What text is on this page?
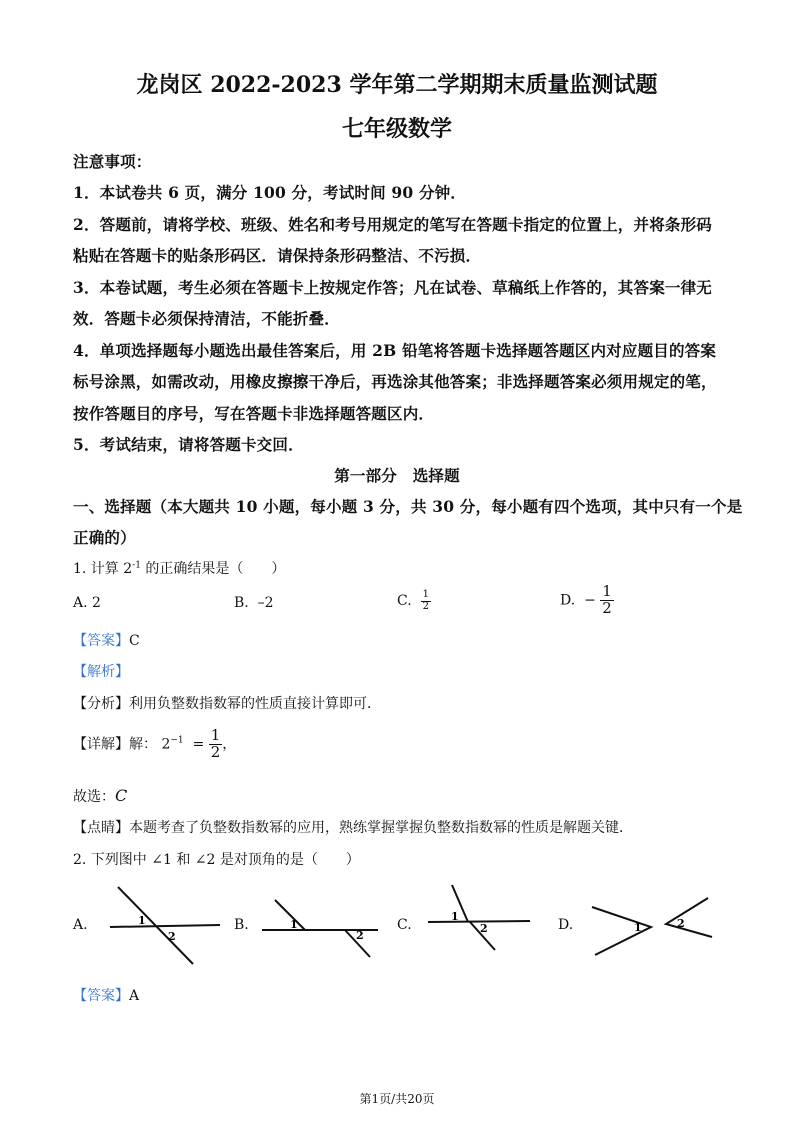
龙岗区 2022-2023 学年第二学期期末质量监测试题
七年级数学
注意事项：
1．本试卷共 6 页，满分 100 分，考试时间 90 分钟．
2．答题前，请将学校、班级、姓名和考号用规定的笔写在答题卡指定的位置上，并将条形码
粘贴在答题卡的贴条形码区．请保持条形码整洁、不污损．
3．本卷试题，考生必须在答题卡上按规定作答；凡在试卷、草稿纸上作答的，其答案一律无
效．答题卡必须保持清洁，不能折叠．
4．单项选择题每小题选出最佳答案后，用 2B 铅笔将答题卡选择题答题区内对应题目的答案
标号涂黑，如需改动，用橡皮擦擦干净后，再选涂其他答案；非选择题答案必须用规定的笔，
按作答题目的序号，写在答题卡非选择题答题区内．
5．考试结束，请将答题卡交回．
第一部分　选择题
一、选择题（本大题共 10 小题，每小题 3 分，共 30 分，每小题有四个选项，其中只有一个是
正确的）
1. 计算 $2^{-1}$ 的正确结果是（　　）
A. 2	B. –2	C. $\frac{1}{2}$	D. − $\frac{1}{2}$
【答案】C
【解析】
【分析】利用负整数指数幂的性质直接计算即可．
【详解】解： $2^{-1} = \frac{1}{2}$ ，
故选：C
【点睛】本题考查了负整数指数幂的应用，熟练掌握掌握负整数指数幂的性质是解题关键．
2. 下列图中 ∠1 和 ∠2 是对顶角的是（　　）
A.	B.	C.	D.
1
2
1
2
1
2	1	2
【答案】A
第1页/共20页
